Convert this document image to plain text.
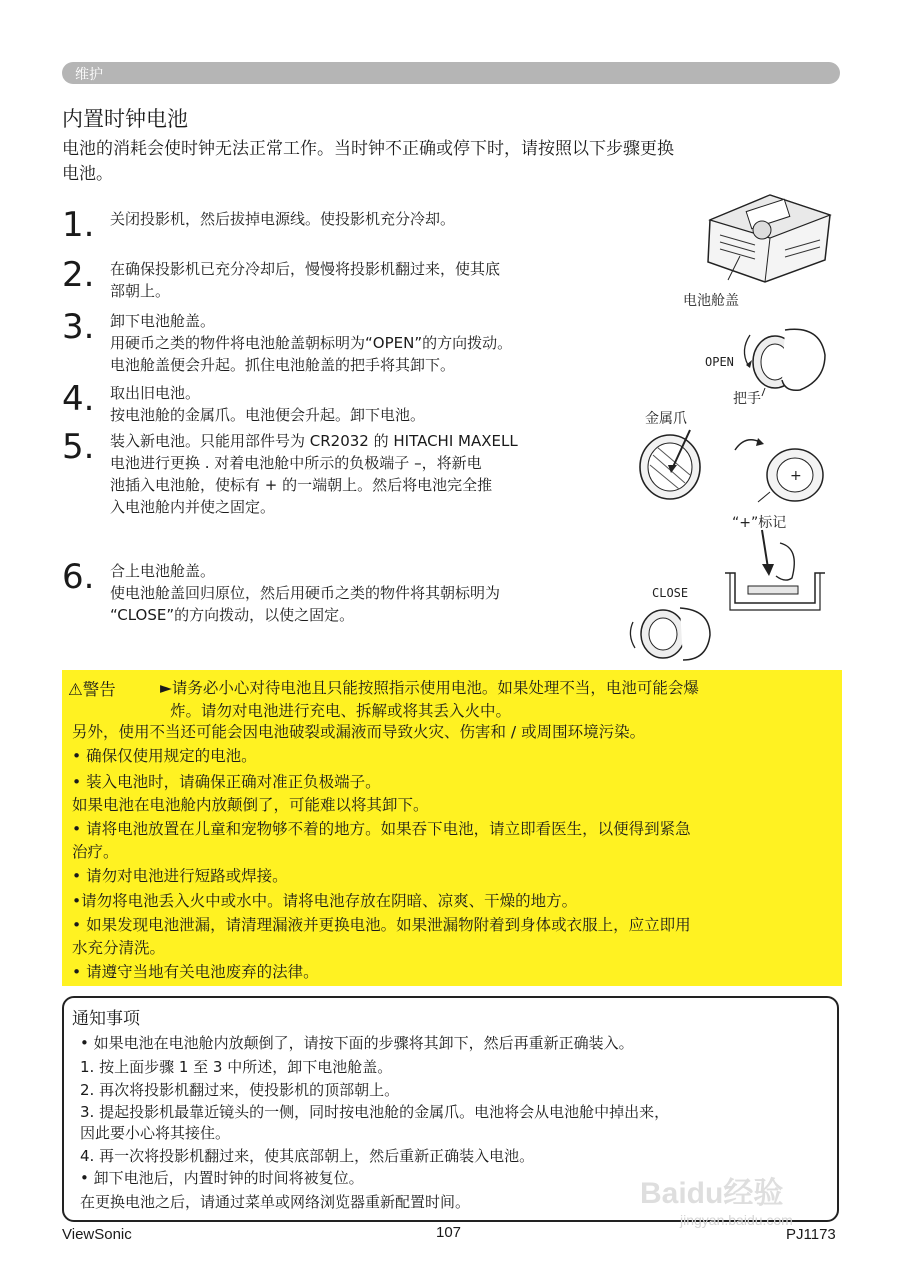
维护
内置时钟电池
电池的消耗会使时钟无法正常工作。当时钟不正确或停下时，请按照以下步骤更换
电池。
1. 关闭投影机，然后拔掉电源线。使投影机充分冷却。
2. 在确保投影机已充分冷却后，慢慢将投影机翻过来，使其底
部朝上。
3. 卸下电池舱盖。
用硬币之类的物件将电池舱盖朝标明为“OPEN”的方向拨动。
电池舱盖便会升起。抓住电池舱盖的把手将其卸下。
4. 取出旧电池。
按电池舱的金属爪。电池便会升起。卸下电池。
5. 装入新电池。只能用部件号为 CR2032 的 HITACHI MAXELL
电池进行更换 . 对着电池舱中所示的负极端子 –，将新电
池插入电池舱，使标有 + 的一端朝上。然后将电池完全推
入电池舱内并使之固定。
6. 合上电池舱盖。
使电池舱盖回归原位，然后用硬币之类的物件将其朝标明为
“CLOSE”的方向拨动，以使之固定。
电池舱盖
OPEN
把手
金属爪
+
“+”标记
CLOSE
⚠警告	►请务必小心对待电池且只能按照指示使用电池。如果处理不当，电池可能会爆
炸。请勿对电池进行充电、拆解或将其丢入火中。
另外，使用不当还可能会因电池破裂或漏液而导致火灾、伤害和 / 或周围环境污染。
• 确保仅使用规定的电池。
• 装入电池时，请确保正确对准正负极端子。
如果电池在电池舱内放颠倒了，可能难以将其卸下。
• 请将电池放置在儿童和宠物够不着的地方。如果吞下电池，请立即看医生，以便得到紧急
治疗。
• 请勿对电池进行短路或焊接。
•请勿将电池丢入火中或水中。请将电池存放在阴暗、凉爽、干燥的地方。
• 如果发现电池泄漏，请清理漏液并更换电池。如果泄漏物附着到身体或衣服上，应立即用
水充分清洗。
• 请遵守当地有关电池废弃的法律。
通知事项
• 如果电池在电池舱内放颠倒了，请按下面的步骤将其卸下，然后再重新正确装入。
1. 按上面步骤 1 至 3 中所述，卸下电池舱盖。
2. 再次将投影机翻过来，使投影机的顶部朝上。
3. 提起投影机最靠近镜头的一侧，同时按电池舱的金属爪。电池将会从电池舱中掉出来，
因此要小心将其接住。
4. 再一次将投影机翻过来，使其底部朝上，然后重新正确装入电池。
• 卸下电池后，内置时钟的时间将被复位。
在更换电池之后，请通过菜单或网络浏览器重新配置时间。	Baidu经验
jingyan.baidu.com
ViewSonic	107	PJ1173
